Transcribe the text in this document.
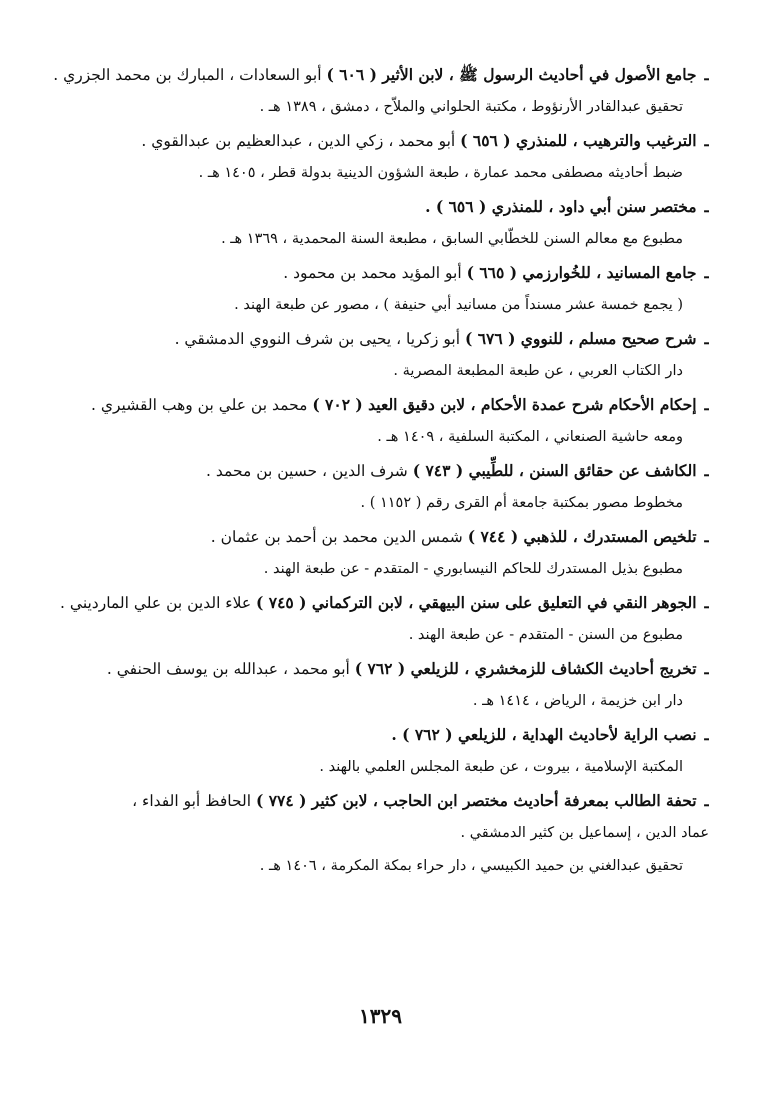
ـ جامع الأصول في أحاديث الرسول ﷺ ، لابن الأثير ( ٦٠٦ ) أبو السعادات ، المبارك بن محمد الجزري .
تحقيق عبدالقادر الأرنؤوط ، مكتبة الحلواني والملاّح ، دمشق ، ١٣٨٩ هـ .
ـ الترغيب والترهيب ، للمنذري ( ٦٥٦ ) أبو محمد ، زكي الدين ، عبدالعظيم بن عبدالقوي .
ضبط أحاديثه مصطفى محمد عمارة ، طبعة الشؤون الدينية بدولة قطر ، ١٤٠٥ هـ .
ـ مختصر سنن أبي داود ، للمنذري ( ٦٥٦ ) .
مطبوع مع معالم السنن للخطّابي السابق ، مطبعة السنة المحمدية ، ١٣٦٩ هـ .
ـ جامع المسانيد ، للخُوارزمي ( ٦٦٥ ) أبو المؤيد محمد بن محمود .
( يجمع خمسة عشر مسنداً من مسانيد أبي حنيفة ) ، مصور عن طبعة الهند .
ـ شرح صحيح مسلم ، للنووي ( ٦٧٦ ) أبو زكريا ، يحيى بن شرف النووي الدمشقي .
دار الكتاب العربي ، عن طبعة المطبعة المصرية .
ـ إحكام الأحكام شرح عمدة الأحكام ، لابن دقيق العيد ( ٧٠٢ ) محمد بن علي بن وهب القشيري .
ومعه حاشية الصنعاني ، المكتبة السلفية ، ١٤٠٩ هـ .
ـ الكاشف عن حقائق السنن ، للطِّيبي ( ٧٤٣ ) شرف الدين ، حسين بن محمد .
مخطوط مصور بمكتبة جامعة أم القرى رقم ( ١١٥٢ ) .
ـ تلخيص المستدرك ، للذهبي ( ٧٤٤ ) شمس الدين محمد بن أحمد بن عثمان .
مطبوع بذيل المستدرك للحاكم النيسابوري - المتقدم - عن طبعة الهند .
ـ الجوهر النقي في التعليق على سنن البيهقي ، لابن التركماني ( ٧٤٥ ) علاء الدين بن علي المارديني .
مطبوع من السنن - المتقدم - عن طبعة الهند .
ـ تخريج أحاديث الكشاف للزمخشري ، للزيلعي ( ٧٦٢ ) أبو محمد ، عبدالله بن يوسف الحنفي .
دار ابن خزيمة ، الرياض ، ١٤١٤ هـ .
ـ نصب الراية لأحاديث الهداية ، للزيلعي ( ٧٦٢ ) .
المكتبة الإسلامية ، بيروت ، عن طبعة المجلس العلمي بالهند .
ـ تحفة الطالب بمعرفة أحاديث مختصر ابن الحاجب ، لابن كثير ( ٧٧٤ ) الحافظ أبو الفداء ،
عماد الدين ، إسماعيل بن كثير الدمشقي .
تحقيق عبدالغني بن حميد الكبيسي ، دار حراء بمكة المكرمة ، ١٤٠٦ هـ .
١٣٢٩
